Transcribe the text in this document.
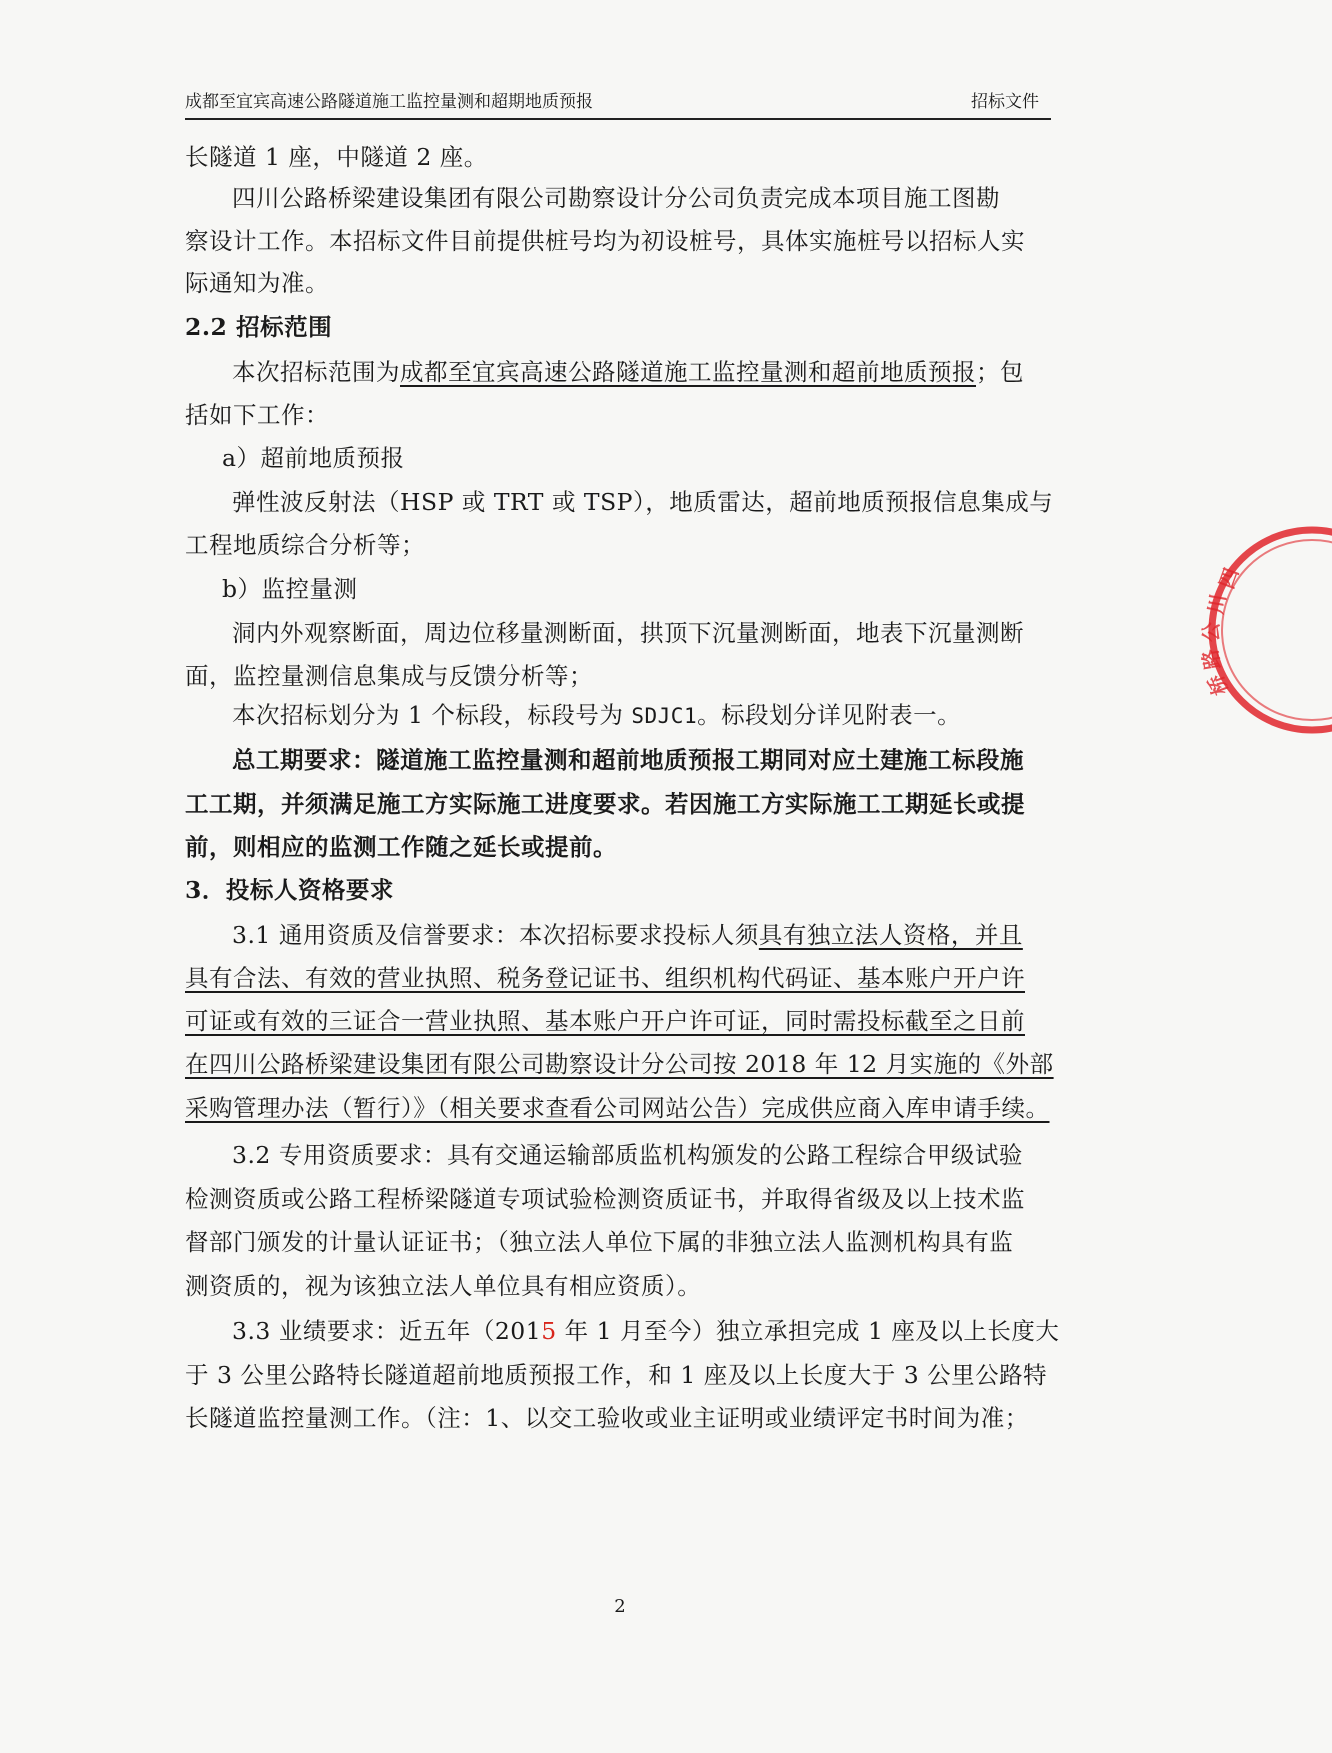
成都至宜宾高速公路隧道施工监控量测和超期地质预报	招标文件
长隧道 1 座，中隧道 2 座。
四川公路桥梁建设集团有限公司勘察设计分公司负责完成本项目施工图勘
察设计工作。本招标文件目前提供桩号均为初设桩号，具体实施桩号以招标人实
际通知为准。
2.2 招标范围
本次招标范围为成都至宜宾高速公路隧道施工监控量测和超前地质预报；包
括如下工作：
a）超前地质预报
弹性波反射法（HSP 或 TRT 或 TSP），地质雷达，超前地质预报信息集成与
工程地质综合分析等；
b）监控量测
洞内外观察断面，周边位移量测断面，拱顶下沉量测断面，地表下沉量测断
面，监控量测信息集成与反馈分析等；
本次招标划分为 1 个标段，标段号为 SDJC1。标段划分详见附表一。
总工期要求：隧道施工监控量测和超前地质预报工期同对应土建施工标段施
工工期，并须满足施工方实际施工进度要求。若因施工方实际施工工期延长或提
前，则相应的监测工作随之延长或提前。
3．投标人资格要求
3.1 通用资质及信誉要求：本次招标要求投标人须具有独立法人资格，并且
具有合法、有效的营业执照、税务登记证书、组织机构代码证、基本账户开户许
可证或有效的三证合一营业执照、基本账户开户许可证，同时需投标截至之日前
在四川公路桥梁建设集团有限公司勘察设计分公司按 2018 年 12 月实施的《外部
采购管理办法（暂行）》（相关要求查看公司网站公告）完成供应商入库申请手续。
3.2 专用资质要求：具有交通运输部质监机构颁发的公路工程综合甲级试验
检测资质或公路工程桥梁隧道专项试验检测资质证书，并取得省级及以上技术监
督部门颁发的计量认证证书；（独立法人单位下属的非独立法人监测机构具有监
测资质的，视为该独立法人单位具有相应资质）。
3.3 业绩要求：近五年（2015 年 1 月至今）独立承担完成 1 座及以上长度大
于 3 公里公路特长隧道超前地质预报工作，和 1 座及以上长度大于 3 公里公路特
长隧道监控量测工作。（注：1、以交工验收或业主证明或业绩评定书时间为准；
2
四
川
公
路
桥
